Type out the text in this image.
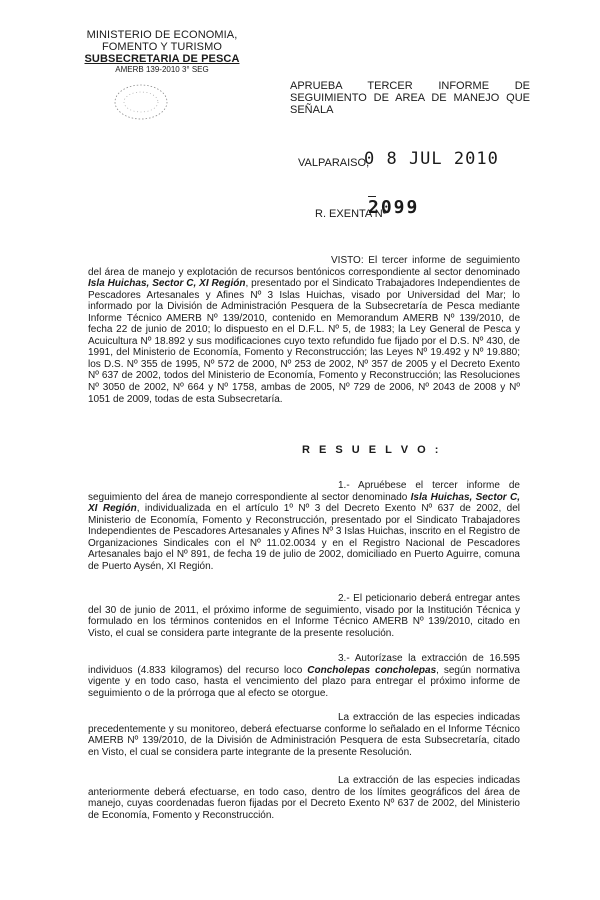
MINISTERIO DE ECONOMIA,
FOMENTO Y TURISMO
SUBSECRETARIA DE PESCA
AMERB 139-2010 3° SEG
APRUEBA TERCER INFORME DE
SEGUIMIENTO DE AREA DE MANEJO QUE
SEÑALA
VALPARAISO,
0 8 JUL 2010
R. EXENTA Nº
2099
VISTO: El tercer informe de seguimiento del área de manejo y explotación de recursos bentónicos correspondiente al sector denominado Isla Huichas, Sector C, XI Región, presentado por el Sindicato Trabajadores Independientes de Pescadores Artesanales y Afines Nº 3 Islas Huichas, visado por Universidad del Mar; lo informado por la División de Administración Pesquera de la Subsecretaría de Pesca mediante Informe Técnico AMERB Nº 139/2010, contenido en Memorandum AMERB Nº 139/2010, de fecha 22 de junio de 2010; lo dispuesto en el D.F.L. Nº 5, de 1983; la Ley General de Pesca y Acuicultura Nº 18.892 y sus modificaciones cuyo texto refundido fue fijado por el D.S. Nº 430, de 1991, del Ministerio de Economía, Fomento y Reconstrucción; las Leyes Nº 19.492 y Nº 19.880; los D.S. Nº 355 de 1995, Nº 572 de 2000, Nº 253 de 2002, Nº 357 de 2005 y el Decreto Exento Nº 637 de 2002, todos del Ministerio de Economía, Fomento y Reconstrucción; las Resoluciones Nº 3050 de 2002, Nº 664 y Nº 1758, ambas de 2005, Nº 729 de 2006, Nº 2043 de 2008 y Nº 1051 de 2009, todas de esta Subsecretaría.
R E S U E L V O :
1.- Apruébese el tercer informe de seguimiento del área de manejo correspondiente al sector denominado Isla Huichas, Sector C, XI Región, individualizada en el artículo 1º Nº 3 del Decreto Exento Nº 637 de 2002, del Ministerio de Economía, Fomento y Reconstrucción, presentado por el Sindicato Trabajadores Independientes de Pescadores Artesanales y Afines Nº 3 Islas Huichas, inscrito en el Registro de Organizaciones Sindicales con el Nº 11.02.0034 y en el Registro Nacional de Pescadores Artesanales bajo el Nº 891, de fecha 19 de julio de 2002, domiciliado en Puerto Aguirre, comuna de Puerto Aysén, XI Región.
2.- El peticionario deberá entregar antes del 30 de junio de 2011, el próximo informe de seguimiento, visado por la Institución Técnica y formulado en los términos contenidos en el Informe Técnico AMERB Nº 139/2010, citado en Visto, el cual se considera parte integrante de la presente resolución.
3.- Autorízase la extracción de 16.595 individuos (4.833 kilogramos) del recurso loco Concholepas concholepas, según normativa vigente y en todo caso, hasta el vencimiento del plazo para entregar el próximo informe de seguimiento o de la prórroga que al efecto se otorgue.
La extracción de las especies indicadas precedentemente y su monitoreo, deberá efectuarse conforme lo señalado en el Informe Técnico AMERB Nº 139/2010, de la División de Administración Pesquera de esta Subsecretaría, citado en Visto, el cual se considera parte integrante de la presente Resolución.
La extracción de las especies indicadas anteriormente deberá efectuarse, en todo caso, dentro de los límites geográficos del área de manejo, cuyas coordenadas fueron fijadas por el Decreto Exento Nº 637 de 2002, del Ministerio de Economía, Fomento y Reconstrucción.
